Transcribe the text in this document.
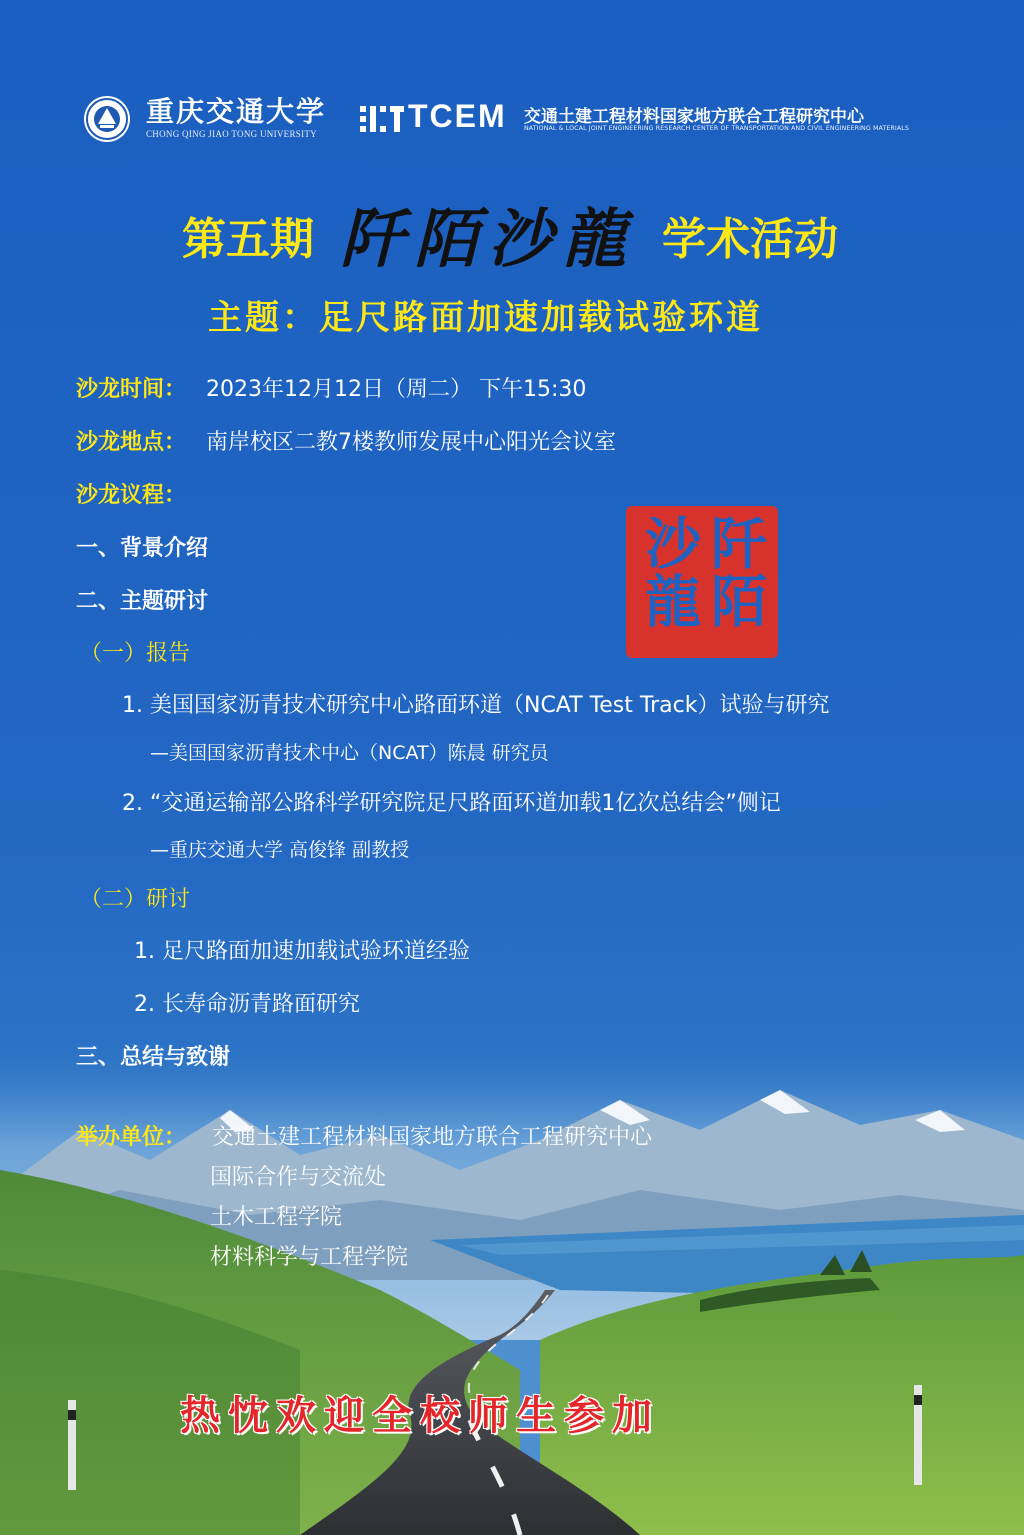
重庆交通大学
CHONG QING JIAO TONG UNIVERSITY	TCEM 交通土建工程材料国家地方联合工程研究中心
NATIONAL & LOCAL JOINT ENGINEERING RESEARCH CENTER OF TRANSPORTATION AND CIVIL ENGINEERING MATERIALS
第五期 阡陌沙龍 学术活动
主题：足尺路面加速加载试验环道
沙龙时间： 2023年12月12日（周二） 下午15:30
沙龙地点： 南岸校区二教7楼教师发展中心阳光会议室
沙龙议程：
阡陌沙龍
一、背景介绍
二、主题研讨
（一）报告
1. 美国国家沥青技术研究中心路面环道（NCAT Test Track）试验与研究
—美国国家沥青技术中心（NCAT）陈晨 研究员
2. “交通运输部公路科学研究院足尺路面环道加载1亿次总结会”侧记
—重庆交通大学 高俊锋 副教授
（二）研讨
1. 足尺路面加速加载试验环道经验
2. 长寿命沥青路面研究
三、总结与致谢
举办单位： 交通土建工程材料国家地方联合工程研究中心
国际合作与交流处
土木工程学院
材料科学与工程学院
热忱欢迎全校师生参加
